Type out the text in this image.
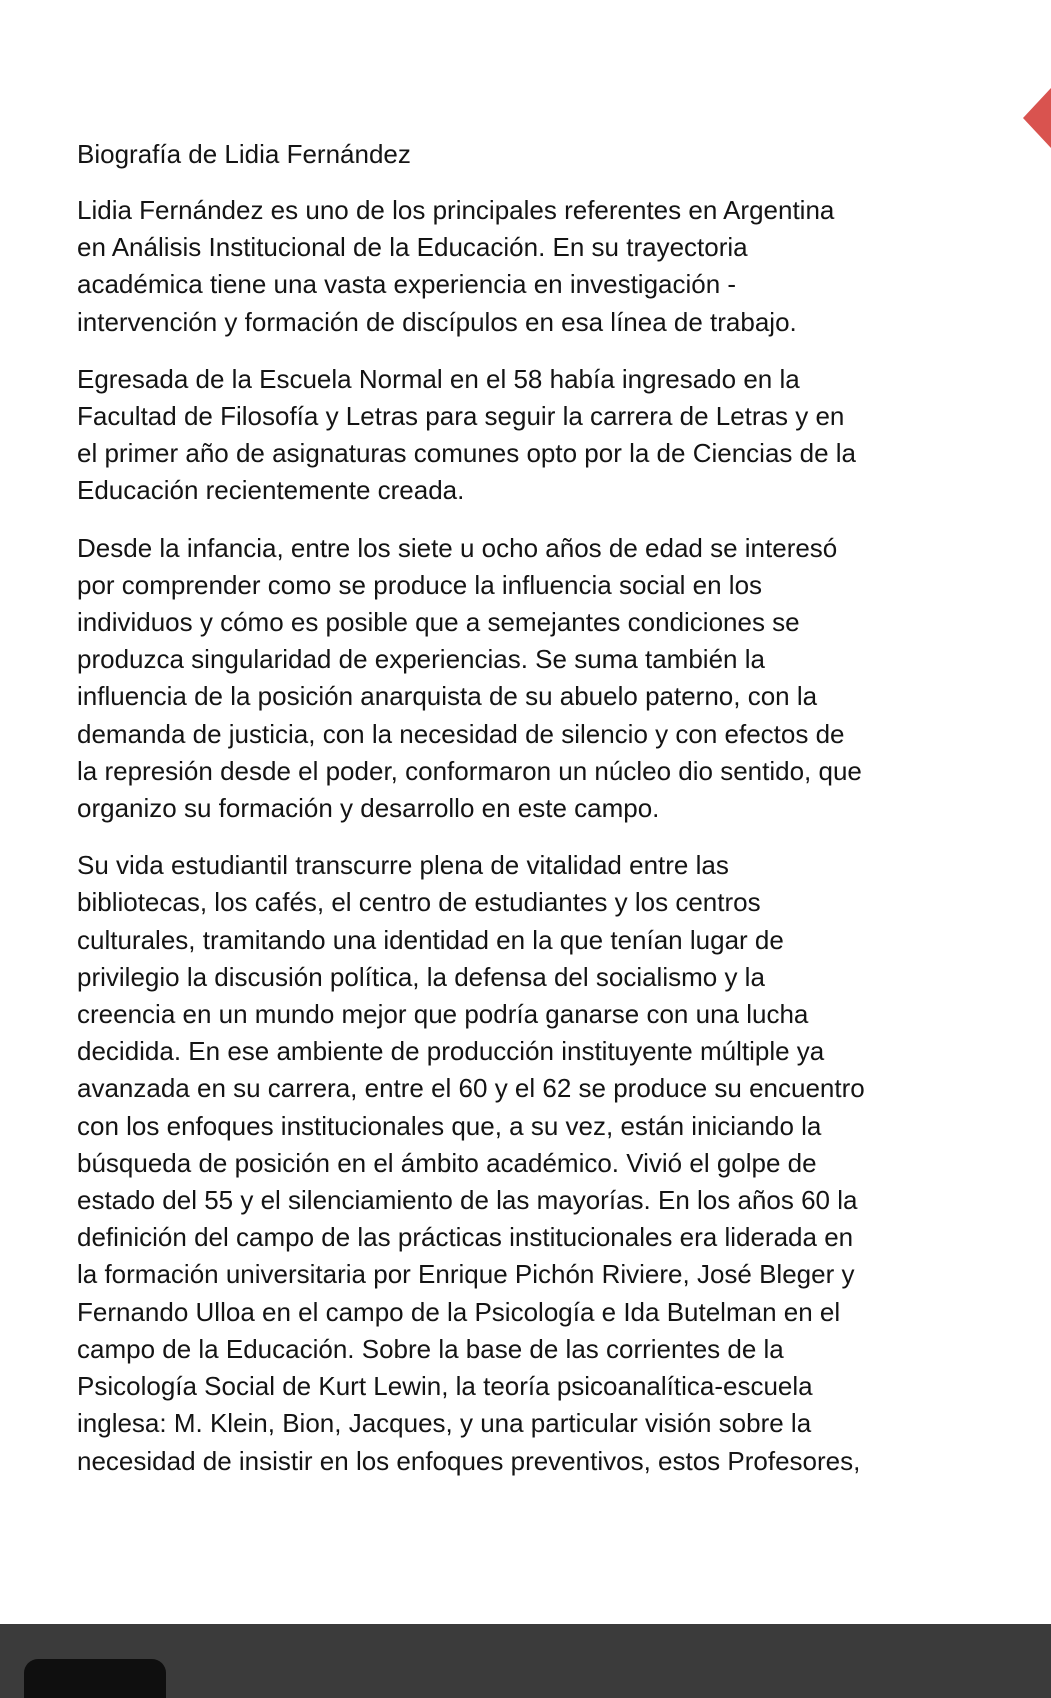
Biografía de Lidia Fernández
Lidia Fernández es uno de los principales referentes en Argentina
en Análisis Institucional de la Educación. En su trayectoria
académica tiene una vasta experiencia en investigación -
intervención y formación de discípulos en esa línea de trabajo.
Egresada de la Escuela Normal en el 58 había ingresado en la
Facultad de Filosofía y Letras para seguir la carrera de Letras y en
el primer año de asignaturas comunes opto por la de Ciencias de la
Educación recientemente creada.
Desde la infancia, entre los siete u ocho años de edad se interesó
por comprender como se produce la influencia social en los
individuos y cómo es posible que a semejantes condiciones se
produzca singularidad de experiencias. Se suma también la
influencia de la posición anarquista de su abuelo paterno, con la
demanda de justicia, con la necesidad de silencio y con efectos de
la represión desde el poder, conformaron un núcleo dio sentido, que
organizo su formación y desarrollo en este campo.
Su vida estudiantil transcurre plena de vitalidad entre las
bibliotecas, los cafés, el centro de estudiantes y los centros
culturales, tramitando una identidad en la que tenían lugar de
privilegio la discusión política, la defensa del socialismo y la
creencia en un mundo mejor que podría ganarse con una lucha
decidida. En ese ambiente de producción instituyente múltiple ya
avanzada en su carrera, entre el 60 y el 62 se produce su encuentro
con los enfoques institucionales que, a su vez, están iniciando la
búsqueda de posición en el ámbito académico. Vivió el golpe de
estado del 55 y el silenciamiento de las mayorías. En los años 60 la
definición del campo de las prácticas institucionales era liderada en
la formación universitaria por Enrique Pichón Riviere, José Bleger y
Fernando Ulloa en el campo de la Psicología e Ida Butelman en el
campo de la Educación. Sobre la base de las corrientes de la
Psicología Social de Kurt Lewin, la teoría psicoanalítica-escuela
inglesa: M. Klein, Bion, Jacques, y una particular visión sobre la
necesidad de insistir en los enfoques preventivos, estos Profesores,
